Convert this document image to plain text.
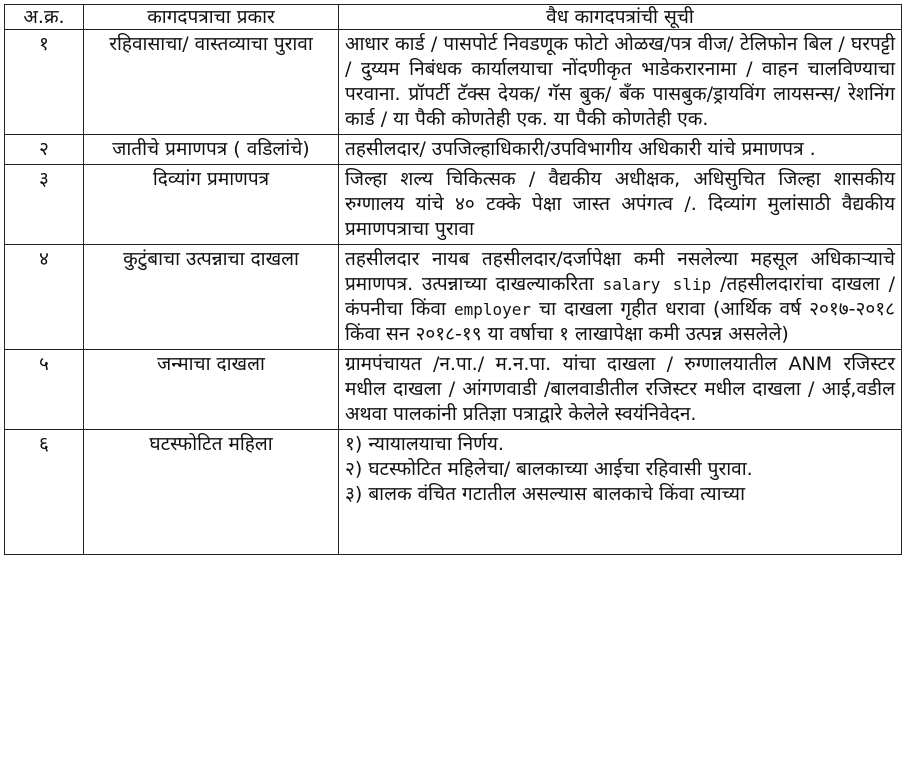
अ.क्र.	कागदपत्राचा प्रकार	वैध कागदपत्रांची सूची
१	रहिवासाचा/ वास्तव्याचा पुरावा	आधार कार्ड / पासपोर्ट निवडणूक फोटो ओळख/पत्र वीज/ टेलिफोन बिल / घरपट्टी / दुय्यम निबंधक कार्यालयाचा नोंदणीकृत भाडेकरारनामा / वाहन चालविण्याचा परवाना. प्रॉपर्टी टॅक्स देयक/ गॅस बुक/ बँक पासबुक/ड्रायविंग लायसन्स/ रेशनिंग कार्ड / या पैकी कोणतेही एक. या पैकी कोणतेही एक.
२	जातीचे प्रमाणपत्र ( वडिलांचे)	तहसीलदार/ उपजिल्हाधिकारी/उपविभागीय अधिकारी यांचे प्रमाणपत्र .
३	दिव्यांग प्रमाणपत्र	जिल्हा शल्य चिकित्सक / वैद्यकीय अधीक्षक, अधिसुचित जिल्हा शासकीय रुग्णालय यांचे ४० टक्के पेक्षा जास्त अपंगत्व /. दिव्यांग मुलांसाठी वैद्यकीय प्रमाणपत्राचा पुरावा
४	कुटुंबाचा उत्पन्नाचा दाखला	तहसीलदार नायब तहसीलदार/दर्जापेक्षा कमी नसलेल्या महसूल अधिकाऱ्याचे प्रमाणपत्र. उत्पन्नाच्या दाखल्याकरिता salary slip /तहसीलदारांचा दाखला /कंपनीचा किंवा employer चा दाखला गृहीत धरावा (आर्थिक वर्ष २०१७-२०१८ किंवा सन २०१८-१९ या वर्षाचा १ लाखापेक्षा कमी उत्पन्न असलेले)
५	जन्माचा दाखला	ग्रामपंचायत /न.पा./ म.न.पा. यांचा दाखला / रुग्णालयातील ANM रजिस्टर मधील दाखला / आंगणवाडी /बालवाडीतील रजिस्टर मधील दाखला / आई,वडील अथवा पालकांनी प्रतिज्ञा पत्राद्वारे केलेले स्वयंनिवेदन.
६	घटस्फोटित महिला	१) न्यायालयाचा निर्णय.

२) घटस्फोटित महिलेचा/ बालकाच्या आईचा रहिवासी पुरावा.

३) बालक वंचित गटातील असल्यास बालकाचे किंवा त्याच्या
